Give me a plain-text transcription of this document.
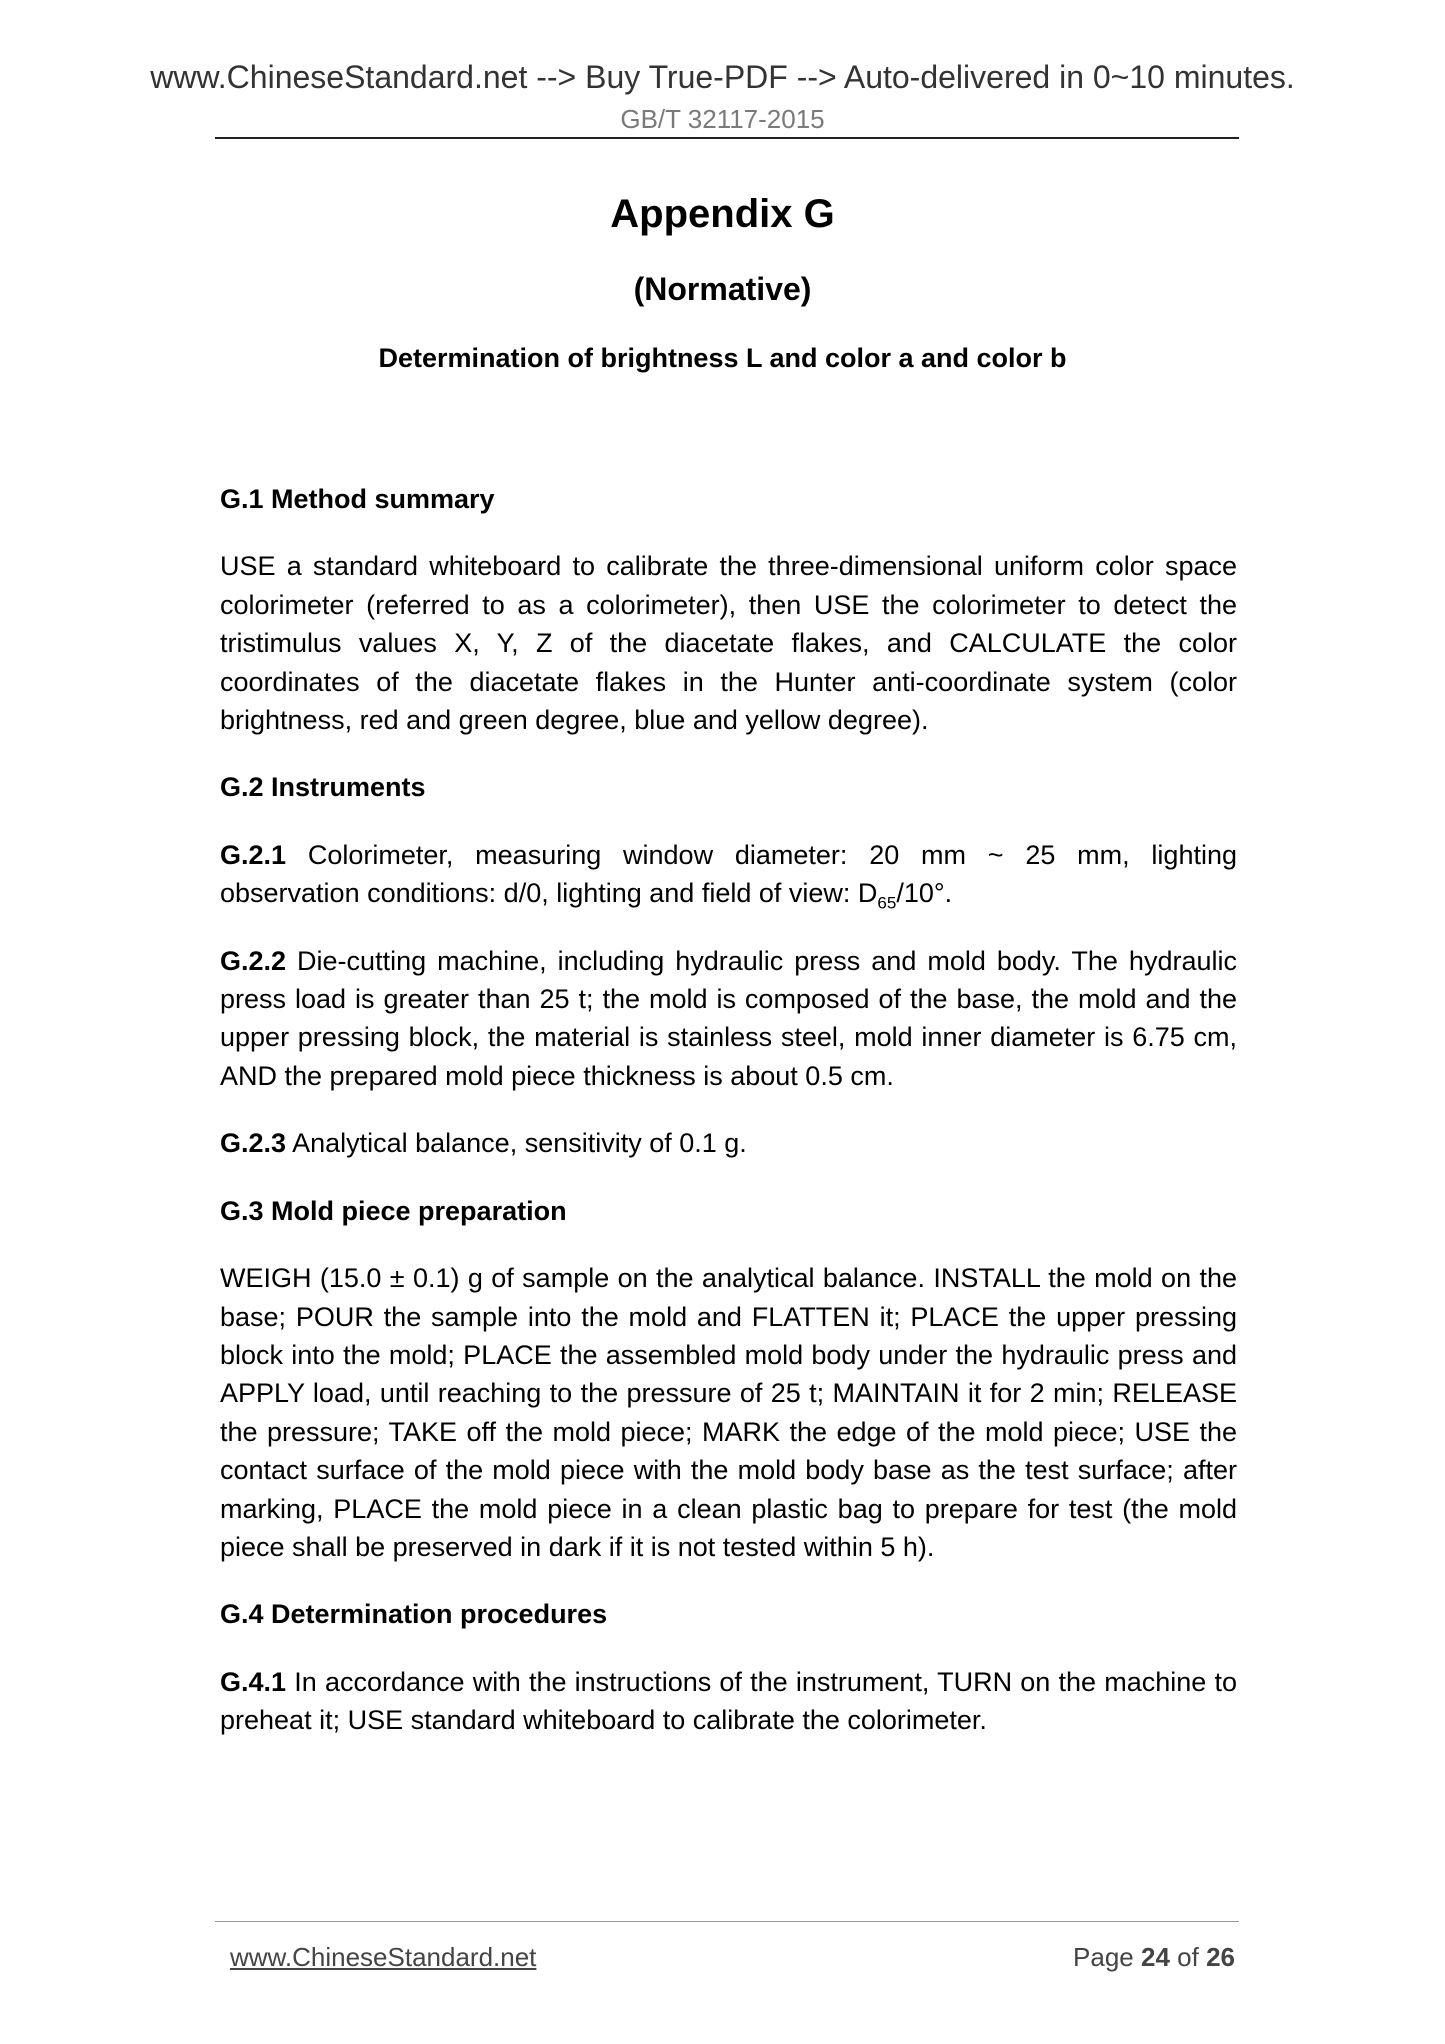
www.ChineseStandard.net --> Buy True-PDF --> Auto-delivered in 0~10 minutes.
GB/T 32117-2015
Appendix G
(Normative)
Determination of brightness L and color a and color b
G.1 Method summary

USE a standard whiteboard to calibrate the three-dimensional uniform color space colorimeter (referred to as a colorimeter), then USE the colorimeter to detect the tristimulus values X, Y, Z of the diacetate flakes, and CALCULATE the color coordinates of the diacetate flakes in the Hunter anti-coordinate system (color brightness, red and green degree, blue and yellow degree).

G.2 Instruments

G.2.1 Colorimeter, measuring window diameter: 20 mm ~ 25 mm, lighting observation conditions: d/0, lighting and field of view: $D_{65}/10^\circ$.

G.2.2 Die-cutting machine, including hydraulic press and mold body. The hydraulic press load is greater than 25 t; the mold is composed of the base, the mold and the upper pressing block, the material is stainless steel, mold inner diameter is 6.75 cm, AND the prepared mold piece thickness is about 0.5 cm.

G.2.3 Analytical balance, sensitivity of 0.1 g.

G.3 Mold piece preparation

WEIGH (15.0 ± 0.1) g of sample on the analytical balance. INSTALL the mold on the base; POUR the sample into the mold and FLATTEN it; PLACE the upper pressing block into the mold; PLACE the assembled mold body under the hydraulic press and APPLY load, until reaching to the pressure of 25 t; MAINTAIN it for 2 min; RELEASE the pressure; TAKE off the mold piece; MARK the edge of the mold piece; USE the contact surface of the mold piece with the mold body base as the test surface; after marking, PLACE the mold piece in a clean plastic bag to prepare for test (the mold piece shall be preserved in dark if it is not tested within 5 h).

G.4 Determination procedures

G.4.1 In accordance with the instructions of the instrument, TURN on the machine to preheat it; USE standard whiteboard to calibrate the colorimeter.

www.ChineseStandard.net	Page 24 of 26
